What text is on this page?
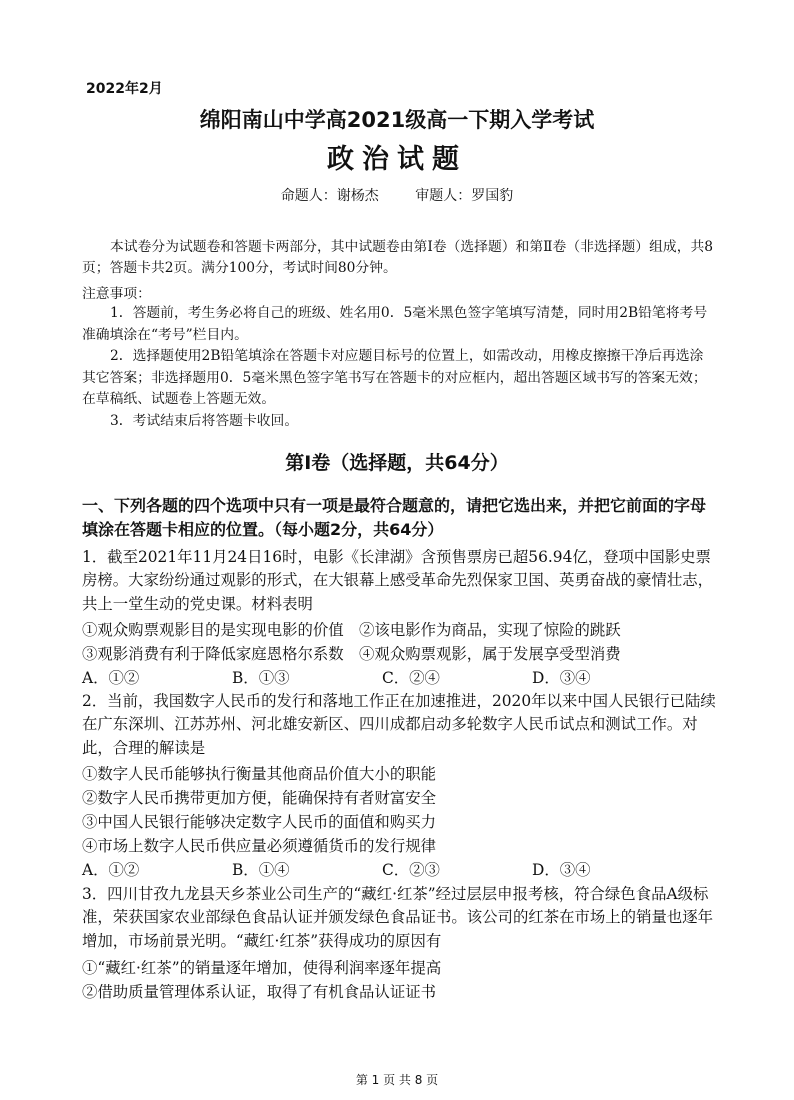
2022年2月
绵阳南山中学高2021级高一下期入学考试
政治试题
命题人：谢杨杰	审题人：罗国豹
本试卷分为试题卷和答题卡两部分，其中试题卷由第Ⅰ卷（选择题）和第Ⅱ卷（非选择题）组成，共8页；答题卡共2页。满分100分，考试时间80分钟。
注意事项：
1．答题前，考生务必将自己的班级、姓名用0．5毫米黑色签字笔填写清楚，同时用2B铅笔将考号准确填涂在“考号”栏目内。
2．选择题使用2B铅笔填涂在答题卡对应题目标号的位置上，如需改动，用橡皮擦擦干净后再选涂其它答案；非选择题用0．5毫米黑色签字笔书写在答题卡的对应框内，超出答题区域书写的答案无效；在草稿纸、试题卷上答题无效。
3．考试结束后将答题卡收回。
第Ⅰ卷（选择题，共64分）
一、下列各题的四个选项中只有一项是最符合题意的，请把它选出来，并把它前面的字母填涂在答题卡相应的位置。（每小题2分，共64分）
1．截至2021年11月24日16时，电影《长津湖》含预售票房已超56.94亿，登项中国影史票房榜。大家纷纷通过观影的形式，在大银幕上感受革命先烈保家卫国、英勇奋战的豪情壮志，共上一堂生动的党史课。材料表明
①观众购票观影目的是实现电影的价值　②该电影作为商品，实现了惊险的跳跃
③观影消费有利于降低家庭恩格尔系数　④观众购票观影，属于发展享受型消费
A．①②	B．①③	C．②④	D．③④
2．当前，我国数字人民币的发行和落地工作正在加速推进，2020年以来中国人民银行已陆续在广东深圳、江苏苏州、河北雄安新区、四川成都启动多轮数字人民币试点和测试工作。对此，合理的解读是
①数字人民币能够执行衡量其他商品价值大小的职能
②数字人民币携带更加方便，能确保持有者财富安全
③中国人民银行能够决定数字人民币的面值和购买力
④市场上数字人民币供应量必须遵循货币的发行规律
A．①②	B．①④	C．②③	D．③④
3．四川甘孜九龙县天乡茶业公司生产的“藏红·红茶”经过层层申报考核，符合绿色食品A级标准，荣获国家农业部绿色食品认证并颁发绿色食品证书。该公司的红茶在市场上的销量也逐年增加，市场前景光明。“藏红·红茶”获得成功的原因有
①“藏红·红茶”的销量逐年增加，使得利润率逐年提高
②借助质量管理体系认证，取得了有机食品认证证书
第 1 页 共 8 页
